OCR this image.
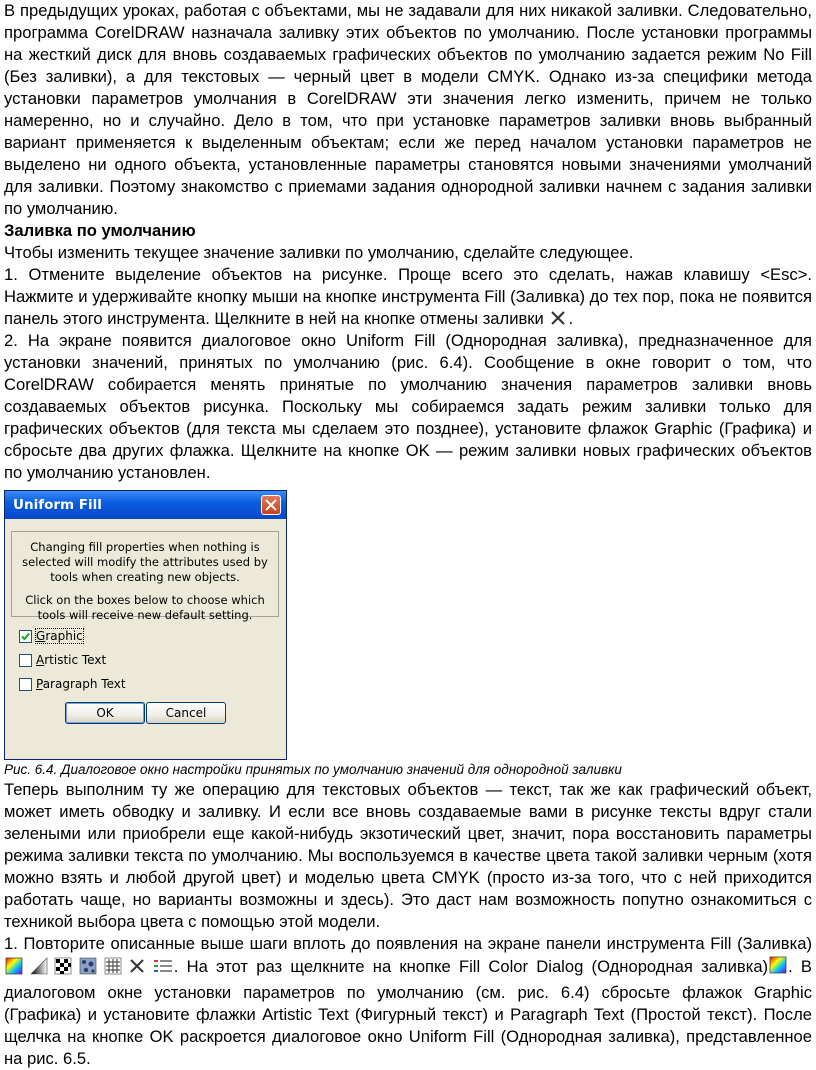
В предыдущих уроках, работая с объектами, мы не задавали для них никакой заливки. Следовательно, программа CorelDRAW назначала заливку этих объектов по умолчанию. После установки программы на жесткий диск для вновь создаваемых графических объектов по умолчанию задается режим No Fill (Без заливки), а для текстовых — черный цвет в модели CMYK. Однако из-за специфики метода установки параметров умолчания в CorelDRAW эти значения легко изменить, причем не только намеренно, но и случайно. Дело в том, что при установке параметров заливки вновь выбранный вариант применяется к выделенным объектам; если же перед началом установки параметров не выделено ни одного объекта, установленные параметры становятся новыми значениями умолчаний для заливки. Поэтому знакомство с приемами задания однородной заливки начнем с задания заливки по умолчанию.

Заливка по умолчанию

Чтобы изменить текущее значение заливки по умолчанию, сделайте следующее.

1. Отмените выделение объектов на рисунке. Проще всего это сделать, нажав клавишу <Esc>. Нажмите и удерживайте кнопку мыши на кнопке инструмента Fill (Заливка) до тех пор, пока не появится панель этого инструмента. Щелкните в ней на кнопке отмены заливки .

2. На экране появится диалоговое окно Uniform Fill (Однородная заливка), предназначенное для установки значений, принятых по умолчанию (рис. 6.4). Сообщение в окне говорит о том, что CorelDRAW собирается менять принятые по умолчанию значения параметров заливки вновь создаваемых объектов рисунка. Поскольку мы собираемся задать режим заливки только для графических объектов (для текста мы сделаем это позднее), установите флажок Graphic (Графика) и сбросьте два других флажка. Щелкните на кнопке OK — режим заливки новых графических объектов по умолчанию установлен.

Uniform Fill
Changing fill properties when nothing is selected will modify the attributes used by tools when creating new objects.
Click on the boxes below to choose which tools will receive new default setting.
Graphic
Artistic Text
Paragraph Text
OK	Cancel

Рис. 6.4. Диалоговое окно настройки принятых по умолчанию значений для однородной заливки

Теперь выполним ту же операцию для текстовых объектов — текст, так же как графический объект, может иметь обводку и заливку. И если все вновь создаваемые вами в рисунке тексты вдруг стали зелеными или приобрели еще какой-нибудь экзотический цвет, значит, пора восстановить параметры режима заливки текста по умолчанию. Мы воспользуемся в качестве цвета такой заливки черным (хотя можно взять и любой другой цвет) и моделью цвета CMYK (просто из-за того, что с ней приходится работать чаще, но варианты возможны и здесь). Это даст нам возможность попутно ознакомиться с техникой выбора цвета с помощью этой модели.

1. Повторите описанные выше шаги вплоть до появления на экране панели инструмента Fill (Заливка)       . На этот раз щелкните на кнопке Fill Color Dialog (Однородная заливка) . В диалоговом окне установки параметров по умолчанию (см. рис. 6.4) сбросьте флажок Graphic (Графика) и установите флажки Artistic Text (Фигурный текст) и Paragraph Text (Простой текст). После щелчка на кнопке OK раскроется диалоговое окно Uniform Fill (Однородная заливка), представленное на рис. 6.5.
